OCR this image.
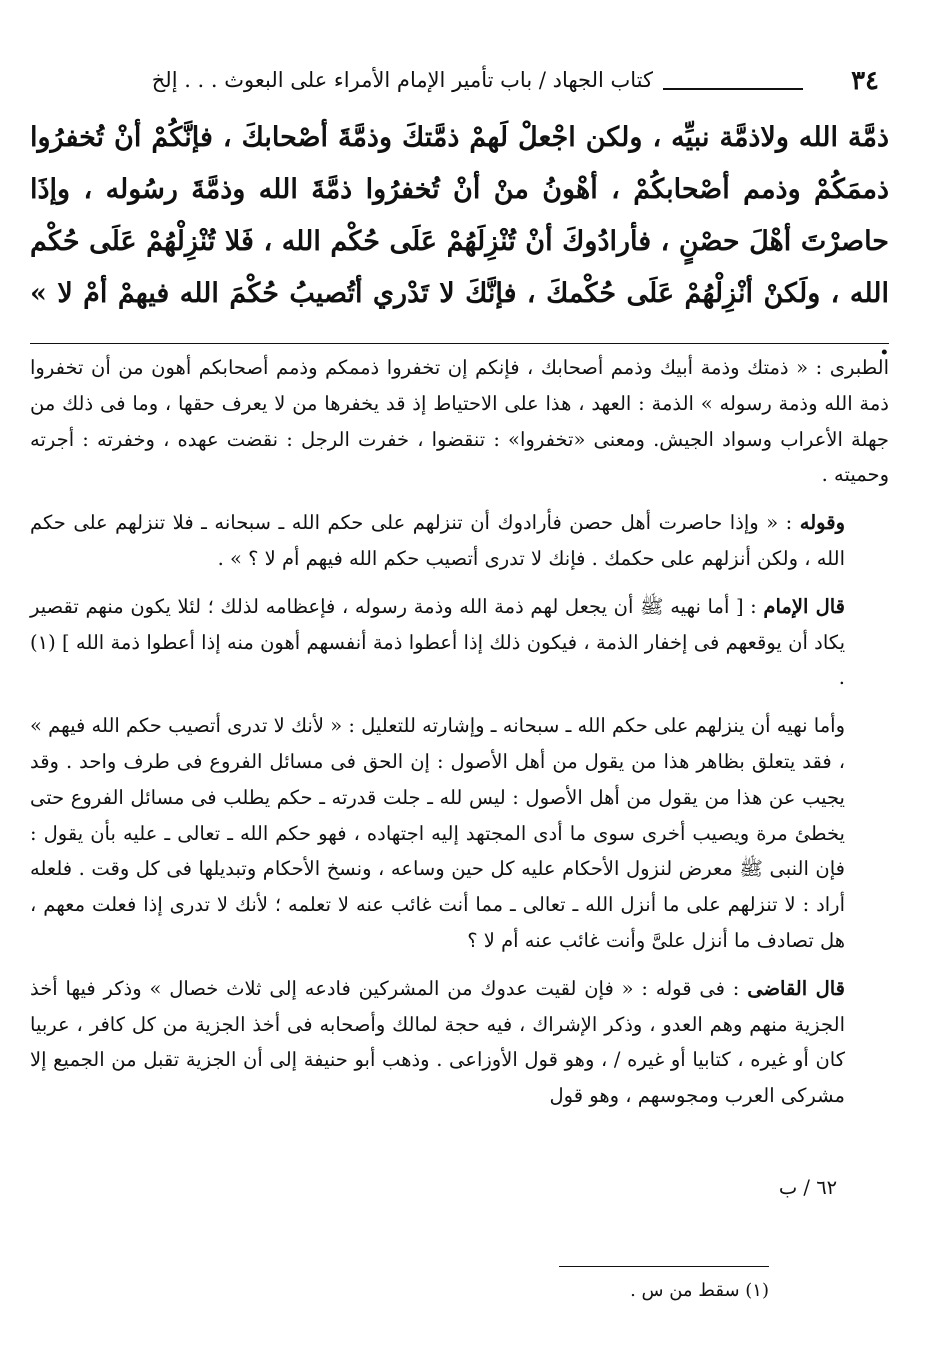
٣٤
كتاب الجهاد / باب تأمير الإمام الأمراء على البعوث . . . إلخ
ذمَّة الله ولاذمَّة نبيِّه ، ولكن اجْعلْ لَهمْ ذمَّتكَ وذمَّةَ أصْحابكَ ، فإنَّكُمْ أنْ تُخفرُوا ذممَكُمْ وذمم أصْحابكُمْ ، أهْونُ منْ أنْ تُخفرُوا ذمَّةَ الله وذمَّةَ رسُوله ، وإذَا حاصرْتَ أهْلَ حصْنٍ ، فأرادُوكَ أنْ تُنْزِلَهُمْ عَلَى حُكْم الله ، فَلا تُنْزِلْهُمْ عَلَى حُكْم الله ، ولَكنْ أنْزِلْهُمْ عَلَى حُكْمكَ ، فإنَّكَ لا تَدْري أتُصيبُ حُكْمَ الله فيهمْ أمْ لا » .

الطبرى : « ذمتك وذمة أبيك وذمم أصحابك ، فإنكم إن تخفروا ذممكم وذمم أصحابكم أهون من أن تخفروا ذمة الله وذمة رسوله » الذمة : العهد ، هذا على الاحتياط إذ قد يخفرها من لا يعرف حقها ، وما فى ذلك من جهلة الأعراب وسواد الجيش. ومعنى «تخفروا» : تنقضوا ، خفرت الرجل : نقضت عهده ، وخفرته : أجرته وحميته .

وقوله : « وإذا حاصرت أهل حصن فأرادوك أن تنزلهم على حكم الله ـ سبحانه ـ فلا تنزلهم على حكم الله ، ولكن أنزلهم على حكمك . فإنك لا تدرى أتصيب حكم الله فيهم أم لا ؟ » .

قال الإمام : [ أما نهيه ﷺ أن يجعل لهم ذمة الله وذمة رسوله ، فإعظامه لذلك ؛ لئلا يكون منهم تقصير يكاد أن يوقعهم فى إخفار الذمة ، فيكون ذلك إذا أعطوا ذمة أنفسهم أهون منه إذا أعطوا ذمة الله ] (١) .

وأما نهيه أن ينزلهم على حكم الله ـ سبحانه ـ وإشارته للتعليل : « لأنك لا تدرى أتصيب حكم الله فيهم » ، فقد يتعلق بظاهر هذا من يقول من أهل الأصول : إن الحق فى مسائل الفروع فى طرف واحد . وقد يجيب عن هذا من يقول من أهل الأصول : ليس لله ـ جلت قدرته ـ حكم يطلب فى مسائل الفروع حتى يخطئ مرة ويصيب أخرى سوى ما أدى المجتهد إليه اجتهاده ، فهو حكم الله ـ تعالى ـ عليه بأن يقول : فإن النبى ﷺ معرض لنزول الأحكام عليه كل حين وساعه ، ونسخ الأحكام وتبديلها فى كل وقت . فلعله أراد : لا تنزلهم على ما أنزل الله ـ تعالى ـ مما أنت غائب عنه لا تعلمه ؛ لأنك لا تدرى إذا فعلت معهم ، هل تصادف ما أنزل علىَّ وأنت غائب عنه أم لا ؟

قال القاضى : فى قوله : « فإن لقيت عدوك من المشركين فادعه إلى ثلاث خصال » وذكر فيها أخذ الجزية منهم وهم العدو ، وذكر الإشراك ، فيه حجة لمالك وأصحابه فى أخذ الجزية من كل كافر ، عربيا كان أو غيره ، كتابيا أو غيره / ، وهو قول الأوزاعى . وذهب أبو حنيفة إلى أن الجزية تقبل من الجميع إلا مشركى العرب ومجوسهم ، وهو قول

٦٢ / ب
(١) سقط من س .
